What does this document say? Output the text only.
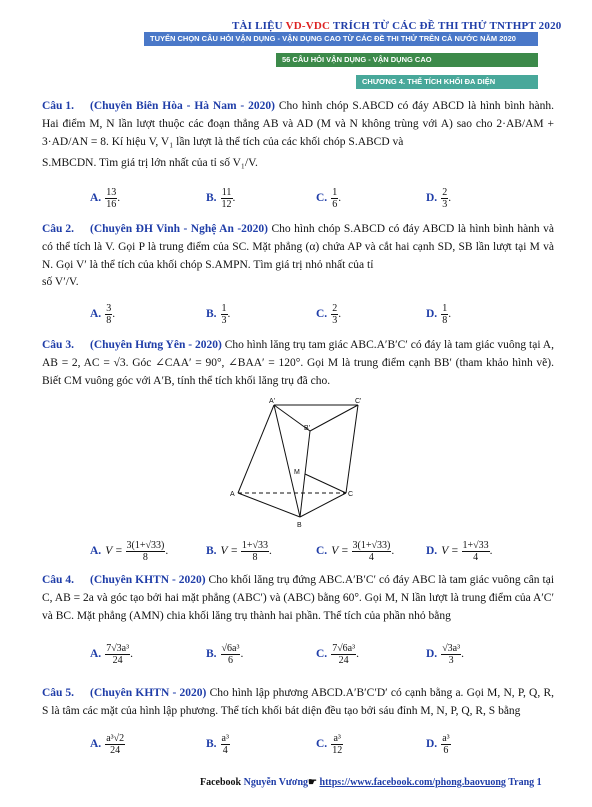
TÀI LIỆU VD-VDC TRÍCH TỪ CÁC ĐỀ THI THỬ TNTHPT 2020
TUYỂN CHỌN CÂU HỎI VẬN DỤNG - VẬN DỤNG CAO TỪ CÁC ĐỀ THI THỬ TRÊN CẢ NƯỚC NĂM 2020
56 CÂU HỎI VẬN DỤNG - VẬN DỤNG CAO
CHƯƠNG 4. THỂ TÍCH KHỐI ĐA DIỆN
Câu 1.	(Chuyên Biên Hòa - Hà Nam - 2020) Cho hình chóp S.ABCD có đáy ABCD là hình bình hành. Hai điểm M, N lần lượt thuộc các đoạn thẳng AB và AD (M và N không trùng với A) sao cho 2·AB/AM + 3·AD/AN = 8. Kí hiệu V, V₁ lần lượt là thể tích của các khối chóp S.ABCD và
S.MBCDN. Tìm giá trị lớn nhất của tỉ số V₁/V.
A. $\frac{13}{16}$ .	B. $\frac{11}{12}$ .	C. $\frac{1}{6}$ .	D. $\frac{2}{3}$ .
Câu 2.	(Chuyên ĐH Vinh - Nghệ An -2020) Cho hình chóp S.ABCD có đáy ABCD là hình bình hành và có thể tích là V. Gọi P là trung điểm của SC. Mặt phẳng (α) chứa AP và cắt hai cạnh SD, SB lần lượt tại M và N. Gọi V′ là thể tích của khối chóp S.AMPN. Tìm giá trị nhỏ nhất của tỉ
số V′/V.
A. $\frac{3}{8}$ .	B. $\frac{1}{3}$ .	C. $\frac{2}{3}$ .	D. $\frac{1}{8}$ .
Câu 3.	(Chuyên Hưng Yên - 2020) Cho hình lăng trụ tam giác ABC.A′B′C′ có đáy là tam giác vuông tại A, AB = 2, AC = √3. Góc ∠CAA′ = 90°, ∠BAA′ = 120°. Gọi M là trung điểm cạnh BB′ (tham khảo hình vẽ). Biết CM vuông góc với A′B, tính thể tích khối lăng trụ đã cho.
A'	C'
B'
M
A	C
B
A. $V = \frac{3(1+√33)}{8}$ .	B. $V = \frac{1+√33}{8}$ .	C. $V = \frac{3(1+√33)}{4}$ .	D. $V = \frac{1+√33}{4}$ .
Câu 4.	(Chuyên KHTN - 2020) Cho khối lăng trụ đứng ABC.A′B′C′ có đáy ABC là tam giác vuông cân tại C, AB = 2a và góc tạo bởi hai mặt phẳng (ABC′) và (ABC) bằng 60°. Gọi M, N lần lượt là trung điểm của A′C′ và BC. Mặt phẳng (AMN) chia khối lăng trụ thành hai phần. Thể tích của phần nhỏ bằng
A. $\frac{\text{7√3a³}}{24}$ .	B. $\frac{\text{√6a³}}{6}$ .	C. $\frac{\text{7√6a³}}{24}$ .	D. $\frac{\text{√3a³}}{3}$ .
Câu 5.	(Chuyên KHTN - 2020) Cho hình lập phương ABCD.A′B′C′D′ có cạnh bằng a. Gọi M, N, P, Q, R, S là tâm các mặt của hình lập phương. Thể tích khối bát diện đều tạo bởi sáu đỉnh M, N, P, Q, R, S bằng
A. $\frac{\text{a³√2}}{24}$	B. $\frac{\text{a³}}{4}$	C. $\frac{\text{a³}}{12}$	D. $\frac{\text{a³}}{6}$
Facebook Nguyễn Vương☛ https://www.facebook.com/phong.baovuong Trang 1
